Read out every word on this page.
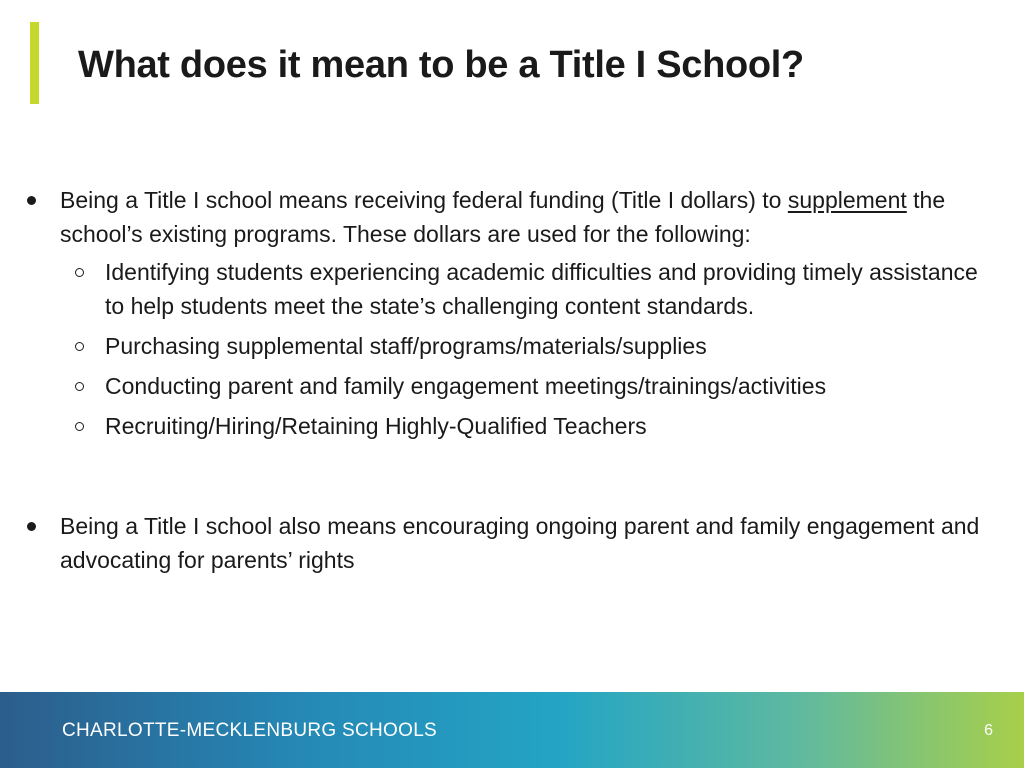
What does it mean to be a Title I School?
Being a Title I school means receiving federal funding (Title I dollars) to supplement the school’s existing programs. These dollars are used for the following:
Identifying students experiencing academic difficulties and providing timely assistance to help students meet the state’s challenging content standards.
Purchasing supplemental staff/programs/materials/supplies
Conducting parent and family engagement meetings/trainings/activities
Recruiting/Hiring/Retaining Highly-Qualified Teachers
Being a Title I school also means encouraging ongoing parent and family engagement and advocating for parents’ rights
CHARLOTTE-MECKLENBURG SCHOOLS	6
